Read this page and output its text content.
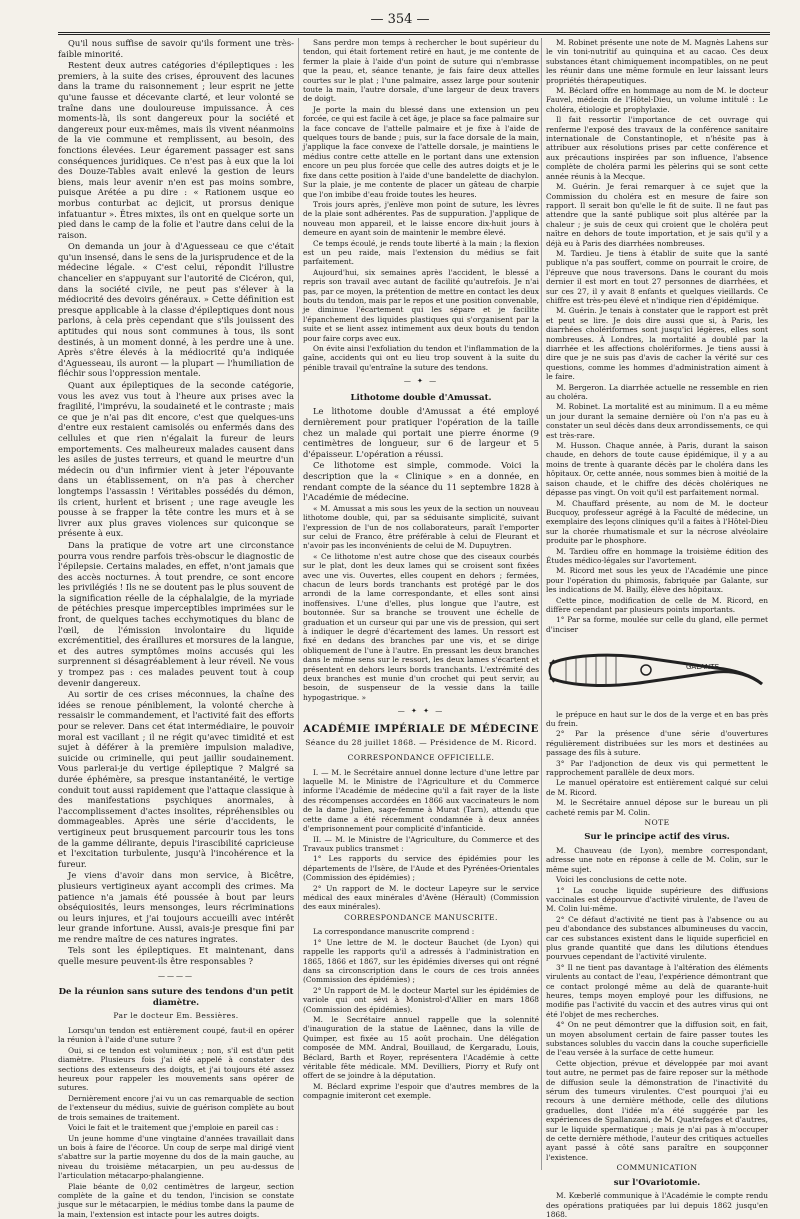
— 354 —

Qu'il nous suffise de savoir qu'ils forment une très-faible minorité.

Restent deux autres catégories d'épileptiques : les premiers, à la suite des crises, éprouvent des lacunes dans la trame du raisonnement ; leur esprit ne jette qu'une fausse et décevante clarté, et leur volonté se traîne dans une douloureuse impuissance. À ces moments-là, ils sont dangereux pour la société et dangereux pour eux-mêmes, mais ils vivent néanmoins de la vie commune et remplissent, au besoin, des fonctions élevées. Leur égarement passager est sans conséquences juridiques. Ce n'est pas à eux que la loi des Douze-Tables avait enlevé la gestion de leurs biens, mais leur avenir n'en est pas moins sombre, puisque Arétée a pu dire : « Rationem usque eo morbus conturbat ac dejicit, ut prorsus denique infatuantur ». Êtres mixtes, ils ont en quelque sorte un pied dans le camp de la folie et l'autre dans celui de la raison.

On demanda un jour à d'Aguesseau ce que c'était qu'un insensé, dans le sens de la jurisprudence et de la médecine légale. « C'est celui, répondit l'illustre chancelier en s'appuyant sur l'autorité de Cicéron, qui, dans la société civile, ne peut pas s'élever à la médiocrité des devoirs généraux. » Cette définition est presque applicable à la classe d'épileptiques dont nous parlons, à cela près cependant que s'ils jouissent des aptitudes qui nous sont communes à tous, ils sont destinés, à un moment donné, à les perdre une à une. Après s'être élevés à la médiocrité qu'a indiquée d'Aguesseau, ils auront — la plupart — l'humiliation de fléchir sous l'oppression mentale.

Quant aux épileptiques de la seconde catégorie, vous les avez vus tout à l'heure aux prises avec la fragilité, l'imprévu, la soudaineté et le contraste ; mais ce que je n'ai pas dit encore, c'est que quelques-uns d'entre eux restaient camisolés ou enfermés dans des cellules et que rien n'égalait la fureur de leurs emportements. Ces malheureux malades causent dans les asiles de justes terreurs, et quand le meurtre d'un médecin ou d'un infirmier vient à jeter l'épouvante dans un établissement, on n'a pas à chercher longtemps l'assassin ! Véritables possédés du démon, ils crient, hurlent et brisent ; une rage aveugle les pousse à se frapper la tête contre les murs et à se livrer aux plus graves violences sur quiconque se présente à eux.

Dans la pratique de votre art une circonstance pourra vous rendre parfois très-obscur le diagnostic de l'épilepsie. Certains malades, en effet, n'ont jamais que des accès nocturnes. À tout prendre, ce sont encore les privilégiés ! Ils ne se doutent pas le plus souvent de la signification réelle de la céphalalgie, de la myriade de pétéchies presque imperceptibles imprimées sur le front, de quelques taches ecchymotiques du blanc de l'œil, de l'émission involontaire du liquide excrémentitiel, des éraillures et morsures de la langue, et des autres symptômes moins accusés qui les surprennent si désagréablement à leur réveil. Ne vous y trompez pas : ces malades peuvent tout à coup devenir dangereux.

Au sortir de ces crises méconnues, la chaîne des idées se renoue péniblement, la volonté cherche à ressaisir le commandement, et l'activité fait des efforts pour se relever. Dans cet état intermédiaire, le pouvoir moral est vacillant ; il ne régit qu'avec timidité et est sujet à déférer à la première impulsion maladive, suicide ou criminelle, qui peut jaillir soudainement. Vous parlerai-je du vertige épileptique ? Malgré sa durée éphémère, sa presque instantanéité, le vertige conduit tout aussi rapidement que l'attaque classique à des manifestations psychiques anormales, à l'accomplissement d'actes insolites, répréhensibles ou dommageables. Après une série d'accidents, le vertigineux peut brusquement parcourir tous les tons de la gamme délirante, depuis l'irascibilité capricieuse et l'excitation turbulente, jusqu'à l'incohérence et la fureur.

Je viens d'avoir dans mon service, à Bicêtre, plusieurs vertigineux ayant accompli des crimes. Ma patience n'a jamais été poussée à bout par leurs obséquiosités, leurs mensonges, leurs récriminations ou leurs injures, et j'ai toujours accueilli avec intérêt leur grande infortune. Aussi, avais-je presque fini par me rendre maître de ces natures ingrates.

Tels sont les épileptiques. Et maintenant, dans quelle mesure peuvent-ils être responsables ?

————

De la réunion sans suture des tendons d'un petit diamètre.

Par le docteur Em. Bessières.

Lorsqu'un tendon est entièrement coupé, faut-il en opérer la réunion à l'aide d'une suture ?

Oui, si ce tendon est volumineux ; non, s'il est d'un petit diamètre. Plusieurs fois j'ai été appelé à constater des sections des extenseurs des doigts, et j'ai toujours été assez heureux pour rappeler les mouvements sans opérer de sutures.

Dernièrement encore j'ai vu un cas remarquable de section de l'extenseur du médius, suivie de guérison complète au bout de trois semaines de traitement.

Voici le fait et le traitement que j'emploie en pareil cas :

Un jeune homme d'une vingtaine d'années travaillait dans un bois à faire de l'écorce. Un coup de serpe mal dirigé vient s'abattre sur la partie moyenne du dos de la main gauche, au niveau du troisième métacarpien, un peu au-dessus de l'articulation métacarpo-phalangienne.

Plaie béante de 0,02 centimètres de largeur, section complète de la gaîne et du tendon, l'incision se constate jusque sur le métacarpien, le médius tombe dans la paume de la main, l'extension est intacte pour les autres doigts.

Sans perdre mon temps à rechercher le bout supérieur du tendon, qui était fortement retiré en haut, je me contente de fermer la plaie à l'aide d'un point de suture qui n'embrasse que la peau, et, séance tenante, je fais faire deux attelles courtes sur le plat ; l'une palmaire, assez large pour soutenir toute la main, l'autre dorsale, d'une largeur de deux travers de doigt.

Je porte la main du blessé dans une extension un peu forcée, ce qui est facile à cet âge, je place sa face palmaire sur la face concave de l'attelle palmaire et je fixe à l'aide de quelques tours de bande ; puis, sur la face dorsale de la main, j'applique la face convexe de l'attelle dorsale, je maintiens le médius contre cette attelle en le portant dans une extension encore un peu plus forcée que celle des autres doigts et je le fixe dans cette position à l'aide d'une bandelette de diachylon. Sur la plaie, je me contente de placer un gâteau de charpie que l'on imbibe d'eau froide toutes les heures.

Trois jours après, j'enlève mon point de suture, les lèvres de la plaie sont adhérentes. Pas de suppuration. J'applique de nouveau mon appareil, et le laisse encore dix-huit jours à demeure en ayant soin de maintenir le membre élevé.

Ce temps écoulé, je rends toute liberté à la main ; la flexion est un peu raide, mais l'extension du médius se fait parfaitement.

Aujourd'hui, six semaines après l'accident, le blessé a repris son travail avec autant de facilité qu'autrefois. Je n'ai pas, par ce moyen, la prétention de mettre en contact les deux bouts du tendon, mais par le repos et une position convenable, je diminue l'écartement qui les sépare et je facilite l'épanchement des liquides plastiques qui s'organisent par la suite et se lient assez intimement aux deux bouts du tendon pour faire corps avec eux.

On évite ainsi l'exfoliation du tendon et l'inflammation de la gaîne, accidents qui ont eu lieu trop souvent à la suite du pénible travail qu'entraîne la suture des tendons.

— ✦ —

Lithotome double d'Amussat.

Le lithotome double d'Amussat a été employé dernièrement pour pratiquer l'opération de la taille chez un malade qui portait une pierre énorme (9 centimètres de longueur, sur 6 de largeur et 5 d'épaisseur. L'opération a réussi.

Ce lithotome est simple, commode. Voici la description que la « Clinique » en a donnée, en rendant compte de la séance du 11 septembre 1828 à l'Académie de médecine.

« M. Amussat a mis sous les yeux de la section un nouveau lithotome double, qui, par sa séduisante simplicité, suivant l'expression de l'un de nos collaborateurs, paraît l'emporter sur celui de Franco, être préférable à celui de Fleurant et n'avoir pas les inconvénients de celui de M. Dupuytren.

« Ce lithotome n'est autre chose que des ciseaux courbés sur le plat, dont les deux lames qui se croisent sont fixées avec une vis. Ouvertes, elles coupent en dehors ; fermées, chacun de leurs bords tranchants est protégé par le dos arrondi de la lame correspondante, et elles sont ainsi inoffensives. L'une d'elles, plus longue que l'autre, est boutonnée. Sur sa branche se trouvent une échelle de graduation et un curseur qui par une vis de pression, qui sert à indiquer le degré d'écartement des lames. Un ressort est fixé en dedans des branches par une vis, et se dirige obliquement de l'une à l'autre. En pressant les deux branches dans le même sens sur le ressort, les deux lames s'écartent et présentent en dehors leurs bords tranchants. L'extrémité des deux branches est munie d'un crochet qui peut servir, au besoin, de suspenseur de la vessie dans la taille hypogastrique. »

— ✦ ✦ —

ACADÉMIE IMPÉRIALE DE MÉDECINE

Séance du 28 juillet 1868. — Présidence de M. Ricord.

CORRESPONDANCE OFFICIELLE.

I. — M. le Secrétaire annuel donne lecture d'une lettre par laquelle M. le Ministre de l'Agriculture et du Commerce informe l'Académie de médecine qu'il a fait rayer de la liste des récompenses accordées en 1866 aux vaccinateurs le nom de la dame Julien, sage-femme à Murat (Tarn), attendu que cette dame a été récemment condamnée à deux années d'emprisonnement pour complicité d'infanticide.

II. — M. le Ministre de l'Agriculture, du Commerce et des Travaux publics transmet :

1° Les rapports du service des épidémies pour les départements de l'Isère, de l'Aude et des Pyrénées-Orientales (Commission des épidémies) ;

2° Un rapport de M. le docteur Lapeyre sur le service médical des eaux minérales d'Avène (Hérault) (Commission des eaux minérales).

CORRESPONDANCE MANUSCRITE.

La correspondance manuscrite comprend :

1° Une lettre de M. le docteur Bauchet (de Lyon) qui rappelle les rapports qu'il a adressés à l'administration en 1865, 1866 et 1867, sur les épidémies diverses qui ont régné dans sa circonscription dans le cours de ces trois années (Commission des épidémies) ;

2° Un rapport de M. le docteur Martel sur les épidémies de variole qui ont sévi à Monistrol-d'Allier en mars 1868 (Commission des épidémies).

M. le Secrétaire annuel rappelle que la solennité d'inauguration de la statue de Laënnec, dans la ville de Quimper, est fixée au 15 août prochain. Une délégation composée de MM. Andral, Bouillaud, de Kergaradu, Louis, Béclard, Barth et Royer, représentera l'Académie à cette véritable fête médicale. MM. Devilliers, Piorry et Rufy ont offert de se joindre à la députation.

M. Béclard exprime l'espoir que d'autres membres de la compagnie imiteront cet exemple.

M. Robinet présente une note de M. Magnès Lahens sur le vin toni-nutritif au quinquina et au cacao. Ces deux substances étant chimiquement incompatibles, on ne peut les réunir dans une même formule en leur laissant leurs propriétés thérapeutiques.

M. Béclard offre en hommage au nom de M. le docteur Fauvel, médecin de l'Hôtel-Dieu, un volume intitulé : Le choléra, étiologie et prophylaxie.

Il fait ressortir l'importance de cet ouvrage qui renferme l'exposé des travaux de la conférence sanitaire internationale de Constantinople, et n'hésite pas à attribuer aux résolutions prises par cette conférence et aux précautions inspirées par son influence, l'absence complète de choléra parmi les pèlerins qui se sont cette année réunis à la Mecque.

M. Guérin. Je ferai remarquer à ce sujet que la Commission du choléra est en mesure de faire son rapport. Il serait bon qu'elle le fit de suite. Il ne faut pas attendre que la santé publique soit plus altérée par la chaleur ; je suis de ceux qui croient que le choléra peut naître en dehors de toute importation, et je sais qu'il y a déjà eu à Paris des diarrhées nombreuses.

M. Tardieu. Je tiens à établir de suite que la santé publique n'a pas souffert, comme on pourrait le croire, de l'épreuve que nous traversons. Dans le courant du mois dernier il est mort en tout 27 personnes de diarrhées, et sur ces 27, il y avait 8 enfants et quelques vieillards. Ce chiffre est très-peu élevé et n'indique rien d'épidémique.

M. Guérin. Je tenais à constater que le rapport est prêt et peut se lire. Je dois dire aussi que si, à Paris, les diarrhées cholériformes sont jusqu'ici légères, elles sont nombreuses. À Londres, la mortalité a doublé par la diarrhée et les affections cholériformes. Je tiens aussi à dire que je ne suis pas d'avis de cacher la vérité sur ces questions, comme les hommes d'administration aiment à le faire.

M. Bergeron. La diarrhée actuelle ne ressemble en rien au choléra.

M. Robinet. La mortalité est au minimum. Il a eu même un jour durant la semaine dernière où l'on n'a pas eu à constater un seul décès dans deux arrondissements, ce qui est très-rare.

M. Husson. Chaque année, à Paris, durant la saison chaude, en dehors de toute cause épidémique, il y a au moins de trente à quarante décès par le choléra dans les hôpitaux. Or, cette année, nous sommes bien à moitié de la saison chaude, et le chiffre des décès cholériques ne dépasse pas vingt. On voit qu'il est parfaitement normal.

M. Chauffard présente, au nom de M. le docteur Bucquoy, professeur agrégé à la Faculté de médecine, un exemplaire des leçons cliniques qu'il a faites à l'Hôtel-Dieu sur la chorée rhumatismale et sur la nécrose alvéolaire produite par le phosphore.

M. Tardieu offre en hommage la troisième édition des Études médico-légales sur l'avortement.

M. Ricord met sous les yeux de l'Académie une pince pour l'opération du phimosis, fabriquée par Galante, sur les indications de M. Bailly, élève des hôpitaux.

Cette pince, modification de celle de M. Ricord, en diffère cependant par plusieurs points importants.

1° Par sa forme, moulée sur celle du gland, elle permet d'inciser

GALANTE

le prépuce en haut sur le dos de la verge et en bas près du frein.

2° Par la présence d'une série d'ouvertures régulièrement distribuées sur les mors et destinées au passage des fils à suture.

3° Par l'adjonction de deux vis qui permettent le rapprochement parallèle de deux mors.

Le manuel opératoire est entièrement calqué sur celui de M. Ricord.

M. le Secrétaire annuel dépose sur le bureau un pli cacheté remis par M. Colin.

NOTE

Sur le principe actif des virus.

M. Chauveau (de Lyon), membre correspondant, adresse une note en réponse à celle de M. Colin, sur le même sujet.

Voici les conclusions de cette note.

1° La couche liquide supérieure des diffusions vaccinales est dépourvue d'activité virulente, de l'aveu de M. Colin lui-même.

2° Ce défaut d'activité ne tient pas à l'absence ou au peu d'abondance des substances albumineuses du vaccin, car ces substances existent dans le liquide superficiel en plus grande quantité que dans les dilutions étendues pourvues cependant de l'activité virulente.

3° Il ne tient pas davantage à l'altération des éléments virulents au contact de l'eau, l'expérience démontrant que ce contact prolongé même au delà de quarante-huit heures, temps moyen employé pour les diffusions, ne modifie pas l'activité du vaccin et des autres virus qui ont été l'objet de mes recherches.

4° On ne peut démontrer que la diffusion soit, en fait, un moyen absolument certain de faire passer toutes les substances solubles du vaccin dans la couche superficielle de l'eau versée à la surface de cette humeur.

Cette objection, prévue et développée par moi avant tout autre, ne permet pas de faire reposer sur la méthode de diffusion seule la démonstration de l'inactivité du sérum des tumeurs virulentes. C'est pourquoi j'ai eu recours à une dernière méthode, celle des dilutions graduelles, dont l'idée m'a été suggérée par les expériences de Spallanzani, de M. Quatrefages et d'autres, sur le liquide spermatique ; mais je n'ai pas à m'occuper de cette dernière méthode, l'auteur des critiques actuelles ayant passé à côté sans paraître en soupçonner l'existence.

COMMUNICATION

sur l'Ovariotomie.

M. Kœberlé communique à l'Académie le compte rendu des opérations pratiquées par lui depuis 1862 jusqu'en 1868.
